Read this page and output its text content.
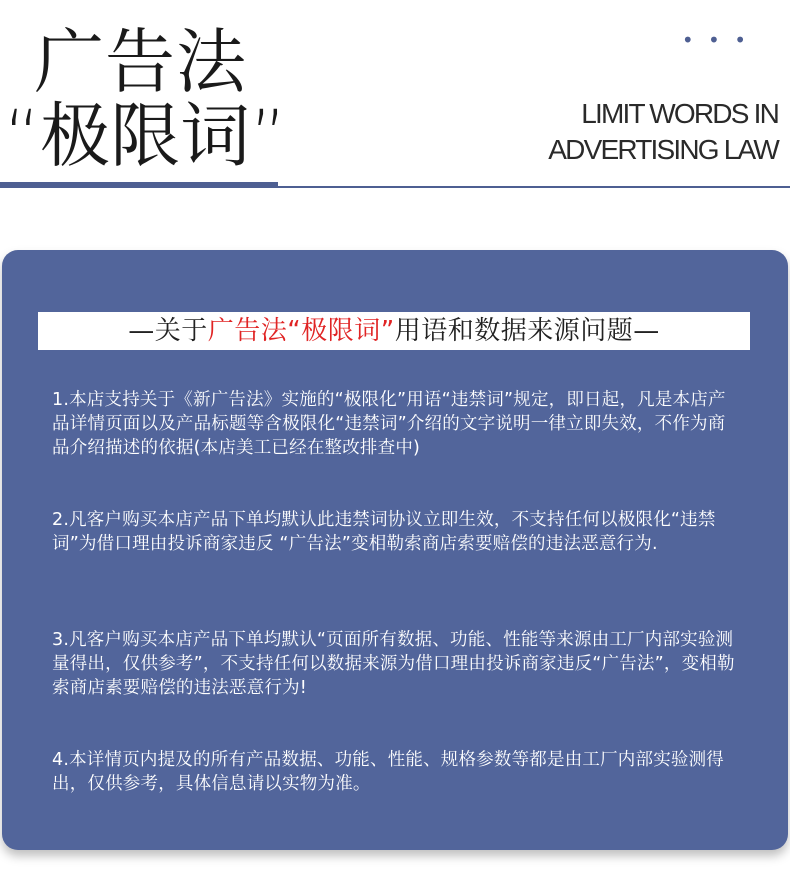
广告法
“极限词”
• • •
LIMIT WORDS IN
ADVERTISING LAW
—关于广告法“极限词”用语和数据来源问题—
1.本店支持关于《新广告法》实施的“极限化”用语“违禁词”规定，即日起，凡是本店产品详情页面以及产品标题等含极限化“违禁词”介绍的文字说明一律立即失效，不作为商品介绍描述的依据(本店美工已经在整改排查中)
2.凡客户购买本店产品下单均默认此违禁词协议立即生效，不支持任何以极限化“违禁词”为借口理由投诉商家违反 “广告法”变相勒索商店索要赔偿的违法恶意行为.
3.凡客户购买本店产品下单均默认“页面所有数据、功能、性能等来源由工厂内部实验测量得出，仅供参考”，不支持任何以数据来源为借口理由投诉商家违反“广告法”，变相勒索商店素要赔偿的违法恶意行为!
4.本详情页内提及的所有产品数据、功能、性能、规格参数等都是由工厂内部实验测得出，仅供参考，具体信息请以实物为准。
